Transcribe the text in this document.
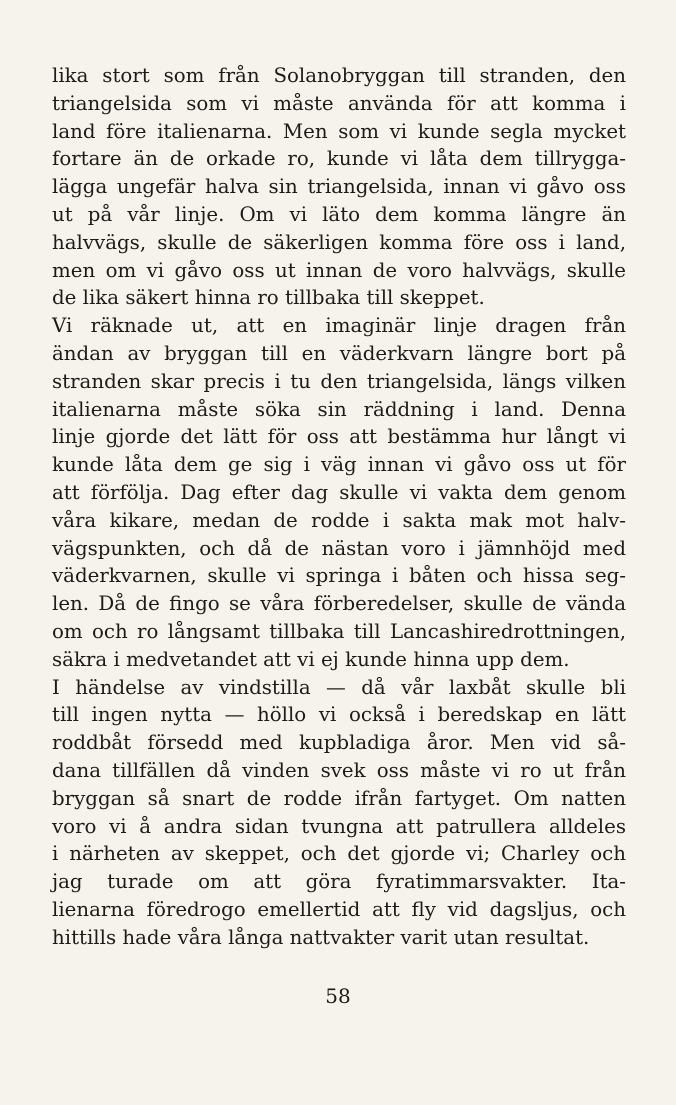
lika stort som från Solanobryggan till stranden, den
triangelsida som vi måste använda för att komma i
land före italienarna. Men som vi kunde segla mycket
fortare än de orkade ro, kunde vi låta dem tillrygga-
lägga ungefär halva sin triangelsida, innan vi gåvo oss
ut på vår linje. Om vi läto dem komma längre än
halvvägs, skulle de säkerligen komma före oss i land,
men om vi gåvo oss ut innan de voro halvvägs, skulle
de lika säkert hinna ro tillbaka till skeppet.
Vi räknade ut, att en imaginär linje dragen från
ändan av bryggan till en väderkvarn längre bort på
stranden skar precis i tu den triangelsida, längs vilken
italienarna måste söka sin räddning i land. Denna
linje gjorde det lätt för oss att bestämma hur långt vi
kunde låta dem ge sig i väg innan vi gåvo oss ut för
att förfölja. Dag efter dag skulle vi vakta dem genom
våra kikare, medan de rodde i sakta mak mot halv-
vägspunkten, och då de nästan voro i jämnhöjd med
väderkvarnen, skulle vi springa i båten och hissa seg-
len. Då de fingo se våra förberedelser, skulle de vända
om och ro långsamt tillbaka till Lancashiredrottningen,
säkra i medvetandet att vi ej kunde hinna upp dem.
I händelse av vindstilla — då vår laxbåt skulle bli
till ingen nytta — höllo vi också i beredskap en lätt
roddbåt försedd med kupbladiga åror. Men vid så-
dana tillfällen då vinden svek oss måste vi ro ut från
bryggan så snart de rodde ifrån fartyget. Om natten
voro vi å andra sidan tvungna att patrullera alldeles
i närheten av skeppet, och det gjorde vi; Charley och
jag turade om att göra fyratimmarsvakter. Ita-
lienarna föredrogo emellertid att fly vid dagsljus, och
hittills hade våra långa nattvakter varit utan resultat.
58
